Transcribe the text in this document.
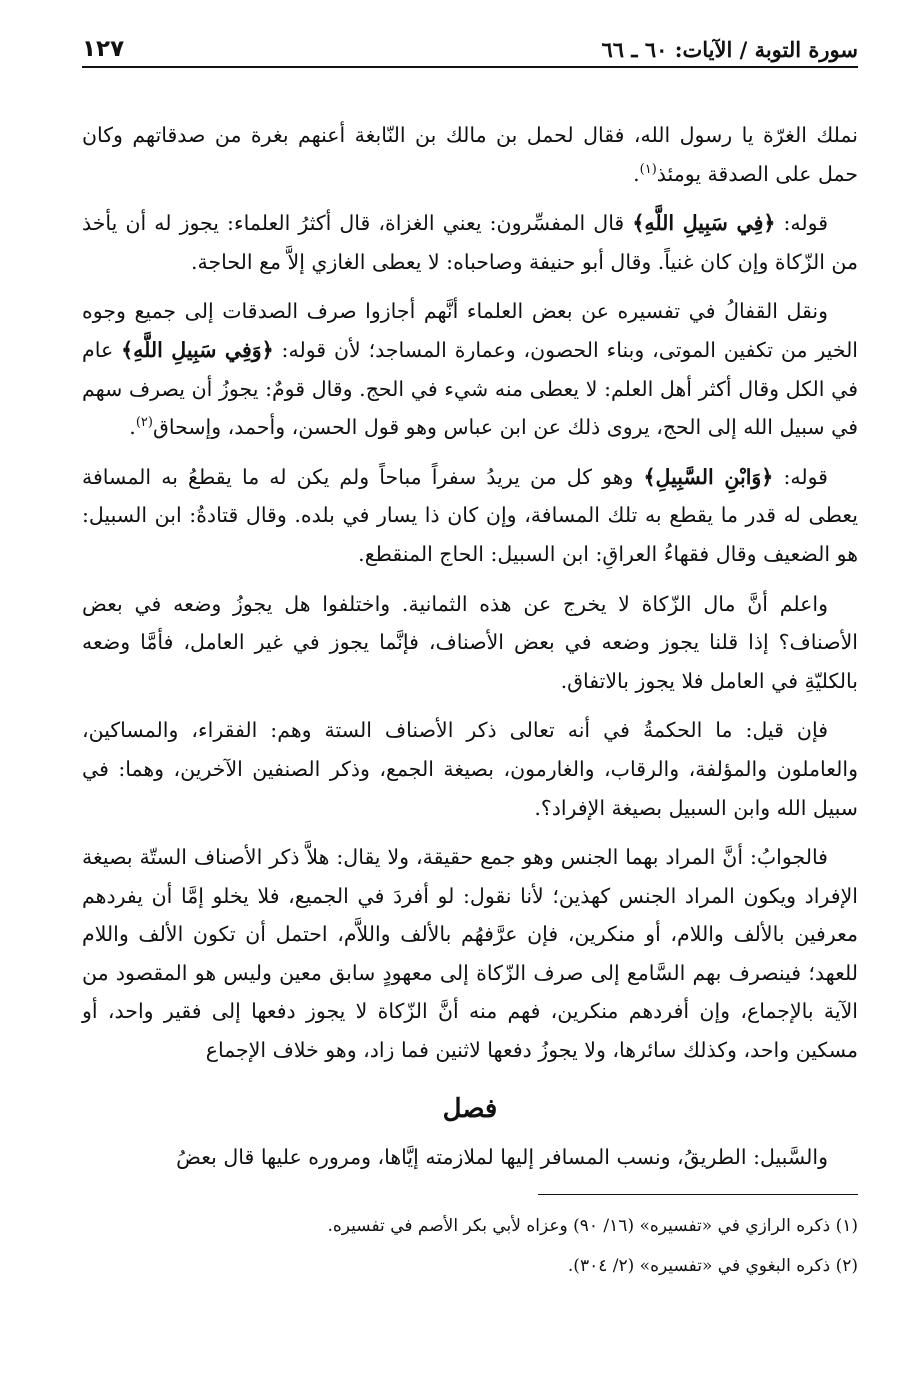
سورة التوبة / الآيات: ٦٠ ـ ٦٦
١٢٧

نملك الغرّة يا رسول الله، فقال لحمل بن مالك بن النّابغة أعنهم بغرة من صدقاتهم وكان حمل على الصدقة يومئذ$^{(١)}$.

قوله: ﴿فِي سَبِيلِ اللَّهِ﴾ قال المفسِّرون: يعني الغزاة، قال أكثرُ العلماء: يجوز له أن يأخذ من الزّكاة وإن كان غنياً. وقال أبو حنيفة وصاحباه: لا يعطى الغازي إلاَّ مع الحاجة.

ونقل القفالُ في تفسيره عن بعض العلماء أنَّهم أجازوا صرف الصدقات إلى جميع وجوه الخير من تكفين الموتى، وبناء الحصون، وعمارة المساجد؛ لأن قوله: ﴿وَفِي سَبِيلِ اللَّهِ﴾ عام في الكل وقال أكثر أهل العلم: لا يعطى منه شيء في الحج. وقال قومٌ: يجوزُ أن يصرف سهم في سبيل الله إلى الحج، يروى ذلك عن ابن عباس وهو قول الحسن، وأحمد، وإسحاق$^{(٢)}$.

قوله: ﴿وَابْنِ السَّبِيلِ﴾ وهو كل من يريدُ سفراً مباحاً ولم يكن له ما يقطعُ به المسافة يعطى له قدر ما يقطع به تلك المسافة، وإن كان ذا يسار في بلده. وقال قتادةُ: ابن السبيل: هو الضعيف وقال فقهاءُ العراقِ: ابن السبيل: الحاج المنقطع.

واعلم أنَّ مال الزّكاة لا يخرج عن هذه الثمانية. واختلفوا هل يجوزُ وضعه في بعض الأصناف؟ إذا قلنا يجوز وضعه في بعض الأصناف، فإنَّما يجوز في غير العامل، فأمَّا وضعه بالكليّةِ في العامل فلا يجوز بالاتفاق.

فإن قيل: ما الحكمةُ في أنه تعالى ذكر الأصناف الستة وهم: الفقراء، والمساكين، والعاملون والمؤلفة، والرقاب، والغارمون، بصيغة الجمع، وذكر الصنفين الآخرين، وهما: في سبيل الله وابن السبيل بصيغة الإفراد؟.

فالجوابُ: أنَّ المراد بهما الجنس وهو جمع حقيقة، ولا يقال: هلاَّ ذكر الأصناف الستّة بصيغة الإفراد ويكون المراد الجنس كهذين؛ لأنا نقول: لو أفردَ في الجميع، فلا يخلو إمَّا أن يفردهم معرفين بالألف واللام، أو منكرين، فإن عرَّفهُم بالألف واللاَّم، احتمل أن تكون الألف واللام للعهد؛ فينصرف بهم السَّامع إلى صرف الزّكاة إلى معهودٍ سابق معين وليس هو المقصود من الآية بالإجماع، وإن أفردهم منكرين، فهم منه أنَّ الزّكاة لا يجوز دفعها إلى فقير واحد، أو مسكين واحد، وكذلك سائرها، ولا يجوزُ دفعها لاثنين فما زاد، وهو خلاف الإجماع

فصل

والسَّبيل: الطريقُ، ونسب المسافر إليها لملازمته إيَّاها، ومروره عليها قال بعضُ

(١) ذكره الرازي في «تفسيره» (١٦/ ٩٠) وعزاه لأبي بكر الأصم في تفسيره.

(٢) ذكره البغوي في «تفسيره» (٢/ ٣٠٤).
